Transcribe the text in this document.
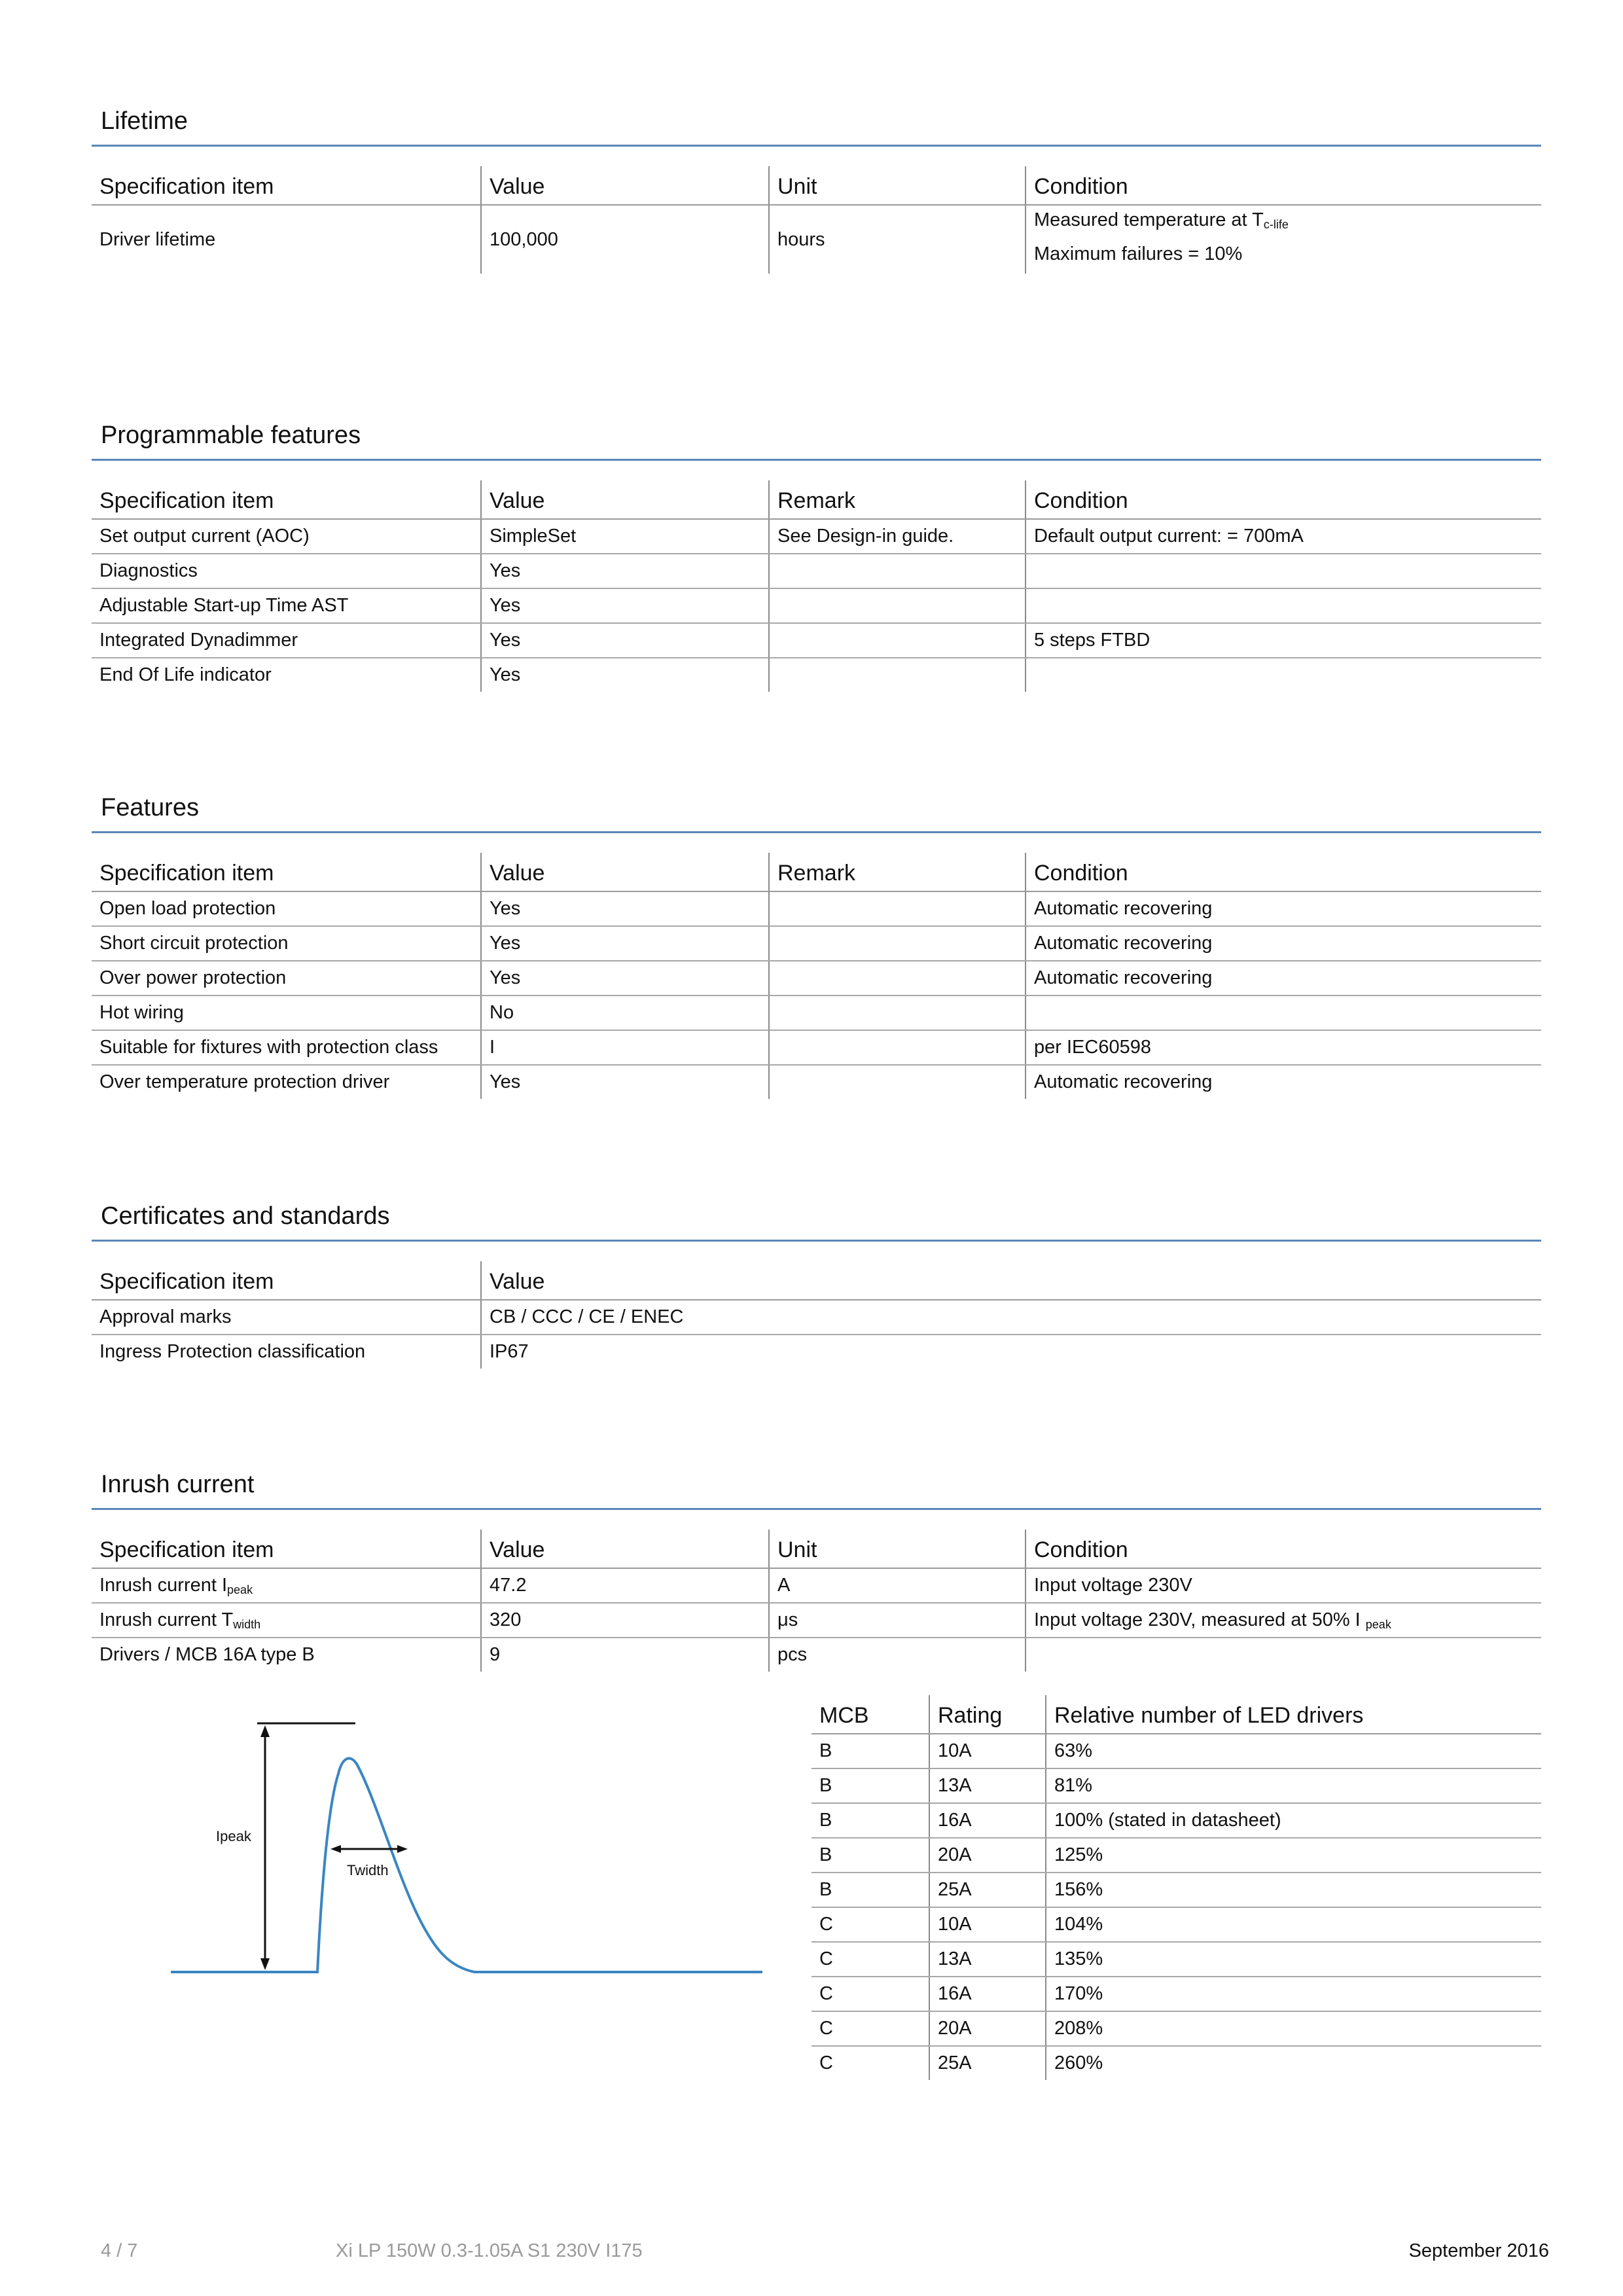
Lifetime
Specification item	Value	Unit	Condition
Driver lifetime	100,000	hours	Measured temperature at $T_{c-life}$
Maximum failures = 10%
Programmable features
Specification item	Value	Remark	Condition
Set output current (AOC)	SimpleSet	See Design-in guide.	Default output current: = 700mA
Diagnostics	Yes		
Adjustable Start-up Time AST	Yes		
Integrated Dynadimmer	Yes		5 steps FTBD
End Of Life indicator	Yes		
Features
Specification item	Value	Remark	Condition
Open load protection	Yes		Automatic recovering
Short circuit protection	Yes		Automatic recovering
Over power protection	Yes		Automatic recovering
Hot wiring	No		
Suitable for fixtures with protection class	I		per IEC60598
Over temperature protection driver	Yes		Automatic recovering
Certificates and standards
Specification item	Value
Approval marks	CB / CCC / CE / ENEC
Ingress Protection classification	IP67
Inrush current
Specification item	Value	Unit	Condition
Inrush current $I_{peak}$	47.2	A	Input voltage 230V
Inrush current $T_{width}$	320	μs	Input voltage 230V, measured at 50% I $_{peak}$
Drivers / MCB 16A type B	9	pcs	
Ipeak
Twidth
MCB	Rating	Relative number of LED drivers
B	10A	63%
B	13A	81%
B	16A	100% (stated in datasheet)
B	20A	125%
B	25A	156%
C	10A	104%
C	13A	135%
C	16A	170%
C	20A	208%
C	25A	260%
4 / 7	Xi LP 150W 0.3-1.05A S1 230V I175	September 2016
